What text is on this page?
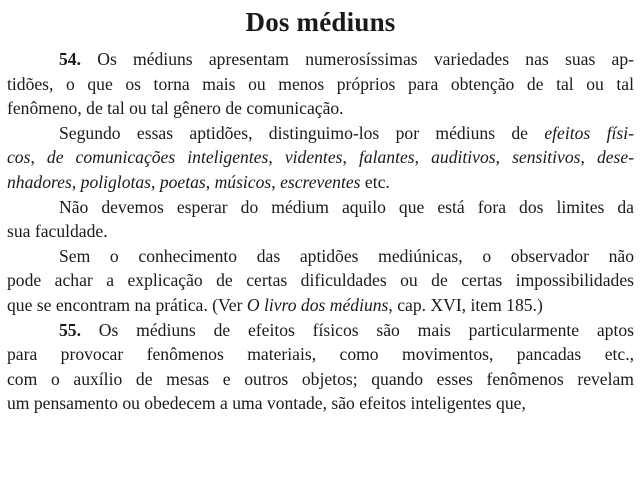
Dos médiuns
54. Os médiuns apresentam numerosíssimas variedades nas suas ap-
tidões, o que os torna mais ou menos próprios para obtenção de tal ou tal
fenômeno, de tal ou tal gênero de comunicação.
Segundo essas aptidões, distinguimo-los por médiuns de efeitos físi-
cos, de comunicações inteligentes, videntes, falantes, auditivos, sensitivos, dese-
nhadores, poliglotas, poetas, músicos, escreventes etc.
Não devemos esperar do médium aquilo que está fora dos limites da
sua faculdade.
Sem o conhecimento das aptidões mediúnicas, o observador não
pode achar a explicação de certas dificuldades ou de certas impossibilidades
que se encontram na prática. (Ver O livro dos médiuns, cap. XVI, item 185.)
55. Os médiuns de efeitos físicos são mais particularmente aptos
para provocar fenômenos materiais, como movimentos, pancadas etc.,
com o auxílio de mesas e outros objetos; quando esses fenômenos revelam
um pensamento ou obedecem a uma vontade, são efeitos inteligentes que,
